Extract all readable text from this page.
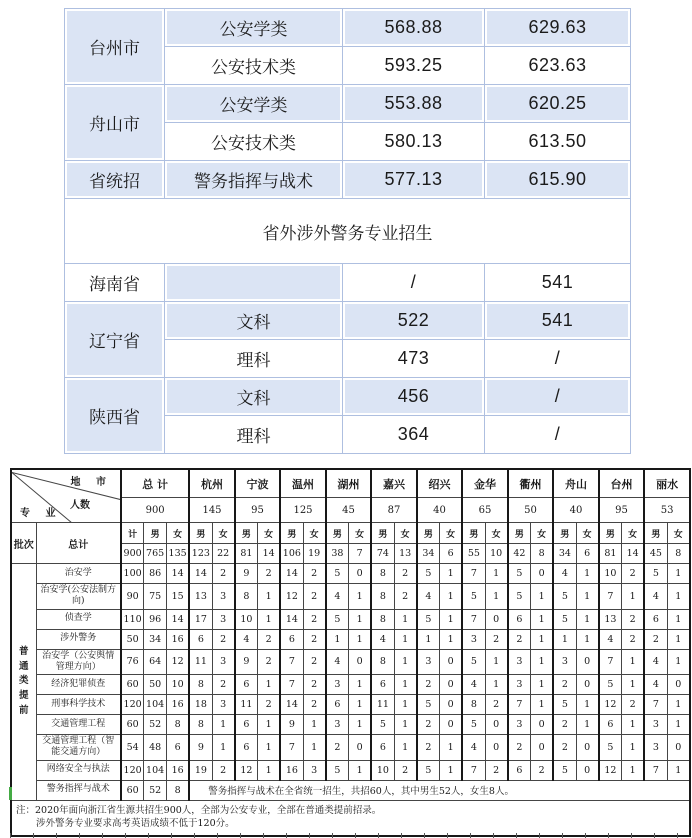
台州市	公安学类	568.88	629.63
	公安技术类	593.25	623.63
舟山市	公安学类	553.88	620.25
	公安技术类	580.13	613.50
省统招	警务指挥与战术	577.13	615.90
省外涉外警务专业招生			
海南省		/	541
辽宁省	文科	522	541
	理科	473	/
陕西省	文科	456	/
	理科	364	/
地 市
人数
专 业		总 计			杭州		宁波		温州		湖州		嘉兴		绍兴		金华		衢州		舟山		台州		丽水	
		900			145		95		125		45		87		40		65		50		40		95		53	
批次	总计	计	男	女	男	女	男	女	男	女	男	女	男	女	男	女	男	女	男	女	男	女	男	女	男	女
		900	765	135	123	22	81	14	106	19	38	7	74	13	34	6	55	10	42	8	34	6	81	14	45	8

普通类提前	治安学	100	86	14	14	2	9	2	14	2	5	0	8	2	5	1	7	1	5	0	4	1	10	2	5	1
	治安学(公安法制方向)	90	75	15	13	3	8	1	12	2	4	1	8	2	4	1	5	1	5	1	5	1	7	1	4	1
	侦查学	110	96	14	17	3	10	1	14	2	5	1	8	1	5	1	7	0	6	1	5	1	13	2	6	1
	涉外警务	50	34	16	6	2	4	2	6	2	1	1	4	1	1	1	3	2	2	1	1	1	4	2	2	1
	治安学（公安舆情管理方向）	76	64	12	11	3	9	2	7	2	4	0	8	1	3	0	5	1	3	1	3	0	7	1	4	1
	经济犯罪侦查	60	50	10	8	2	6	1	7	2	3	1	6	1	2	0	4	1	3	1	2	0	5	1	4	0
	刑事科学技术	120	104	16	18	3	11	2	14	2	6	1	11	1	5	0	8	2	7	1	5	1	12	2	7	1
	交通管理工程	60	52	8	8	1	6	1	9	1	3	1	5	1	2	0	5	0	3	0	2	1	6	1	3	1
	交通管理工程（智能交通方向）	54	48	6	9	1	6	1	7	1	2	0	6	1	2	1	4	0	2	0	2	0	5	1	3	0
	网络安全与执法	120	104	16	19	2	12	1	16	3	5	1	10	2	5	1	7	2	6	2	5	0	12	1	7	1
	警务指挥与战术	60	52	8	警务指挥与战术在全省统一招生，共招60人，其中男生52人，女生8人。																					

注：2020年面向浙江省生源共招生900人，全部为公安专业，全部在普通类提前招录。
涉外警务专业要求高考英语成绩不低于120分。																										
